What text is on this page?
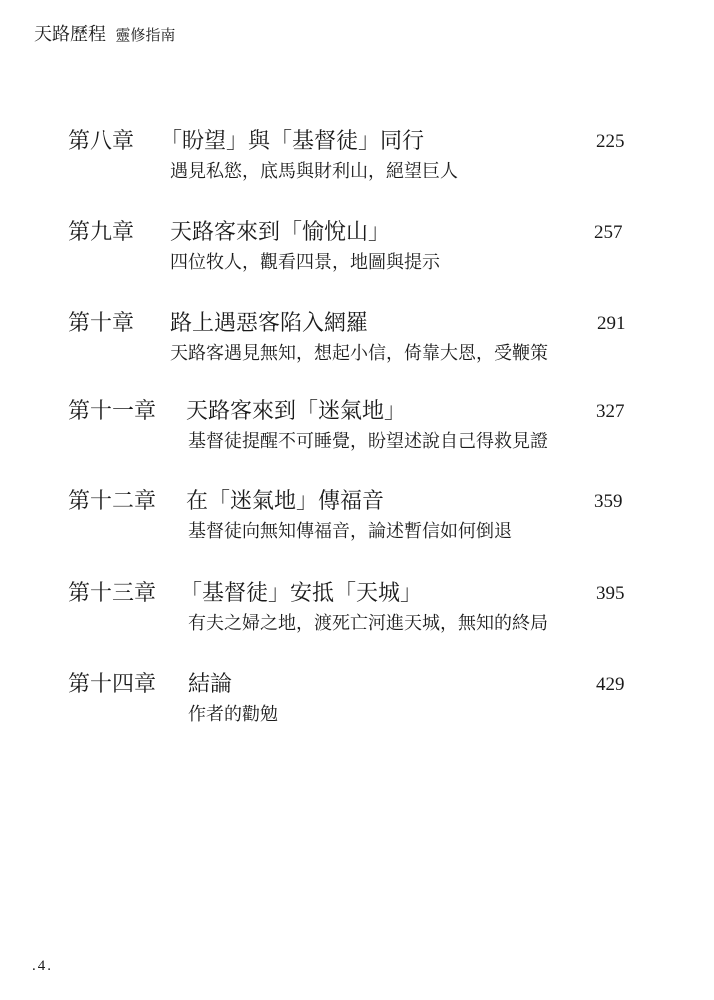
天路歷程 靈修指南
第八章 「盼望」與「基督徒」同行	225
遇見私慾，底馬與財利山，絕望巨人
第九章 天路客來到「愉悅山」	257
四位牧人，觀看四景，地圖與提示
第十章 路上遇惡客陷入網羅	291
天路客遇見無知，想起小信，倚靠大恩，受鞭策
第十一章 天路客來到「迷氣地」	327
基督徒提醒不可睡覺，盼望述說自己得救見證
第十二章 在「迷氣地」傳福音	359
基督徒向無知傳福音，論述暫信如何倒退
第十三章 「基督徒」安抵「天城」	395
有夫之婦之地，渡死亡河進天城，無知的終局
第十四章 結論	429
作者的勸勉
.4.
